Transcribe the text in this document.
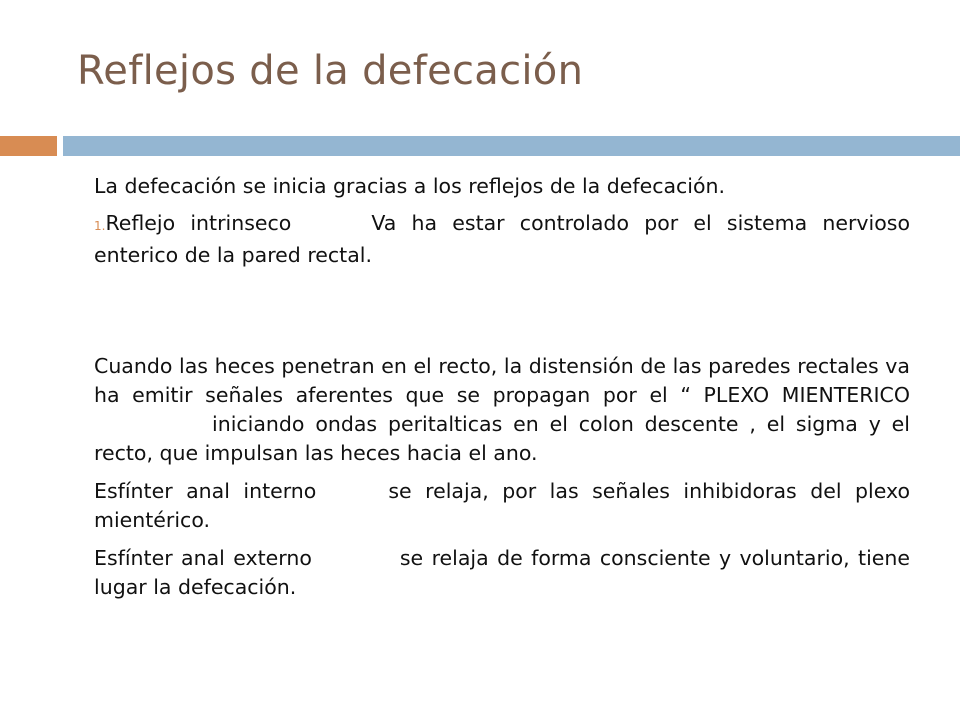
Reflejos de la defecación

La defecación se inicia gracias a los reflejos de la defecación.

1.Reflejo intrinseco	Va ha estar controlado por el sistema nervioso enterico de la pared rectal.

Cuando las heces penetran en el recto, la distensión de las paredes rectales va ha emitir señales aferentes que se propagan por el “ PLEXO MIENTERICOiniciando ondas peritalticas en el colon descente , el sigma y el recto, que impulsan las heces hacia el ano.

Esfínter anal interno	se relaja, por las señales inhibidoras del plexo mientérico.

Esfínter anal externo	se relaja de forma consciente y voluntario, tiene lugar la defecación.
